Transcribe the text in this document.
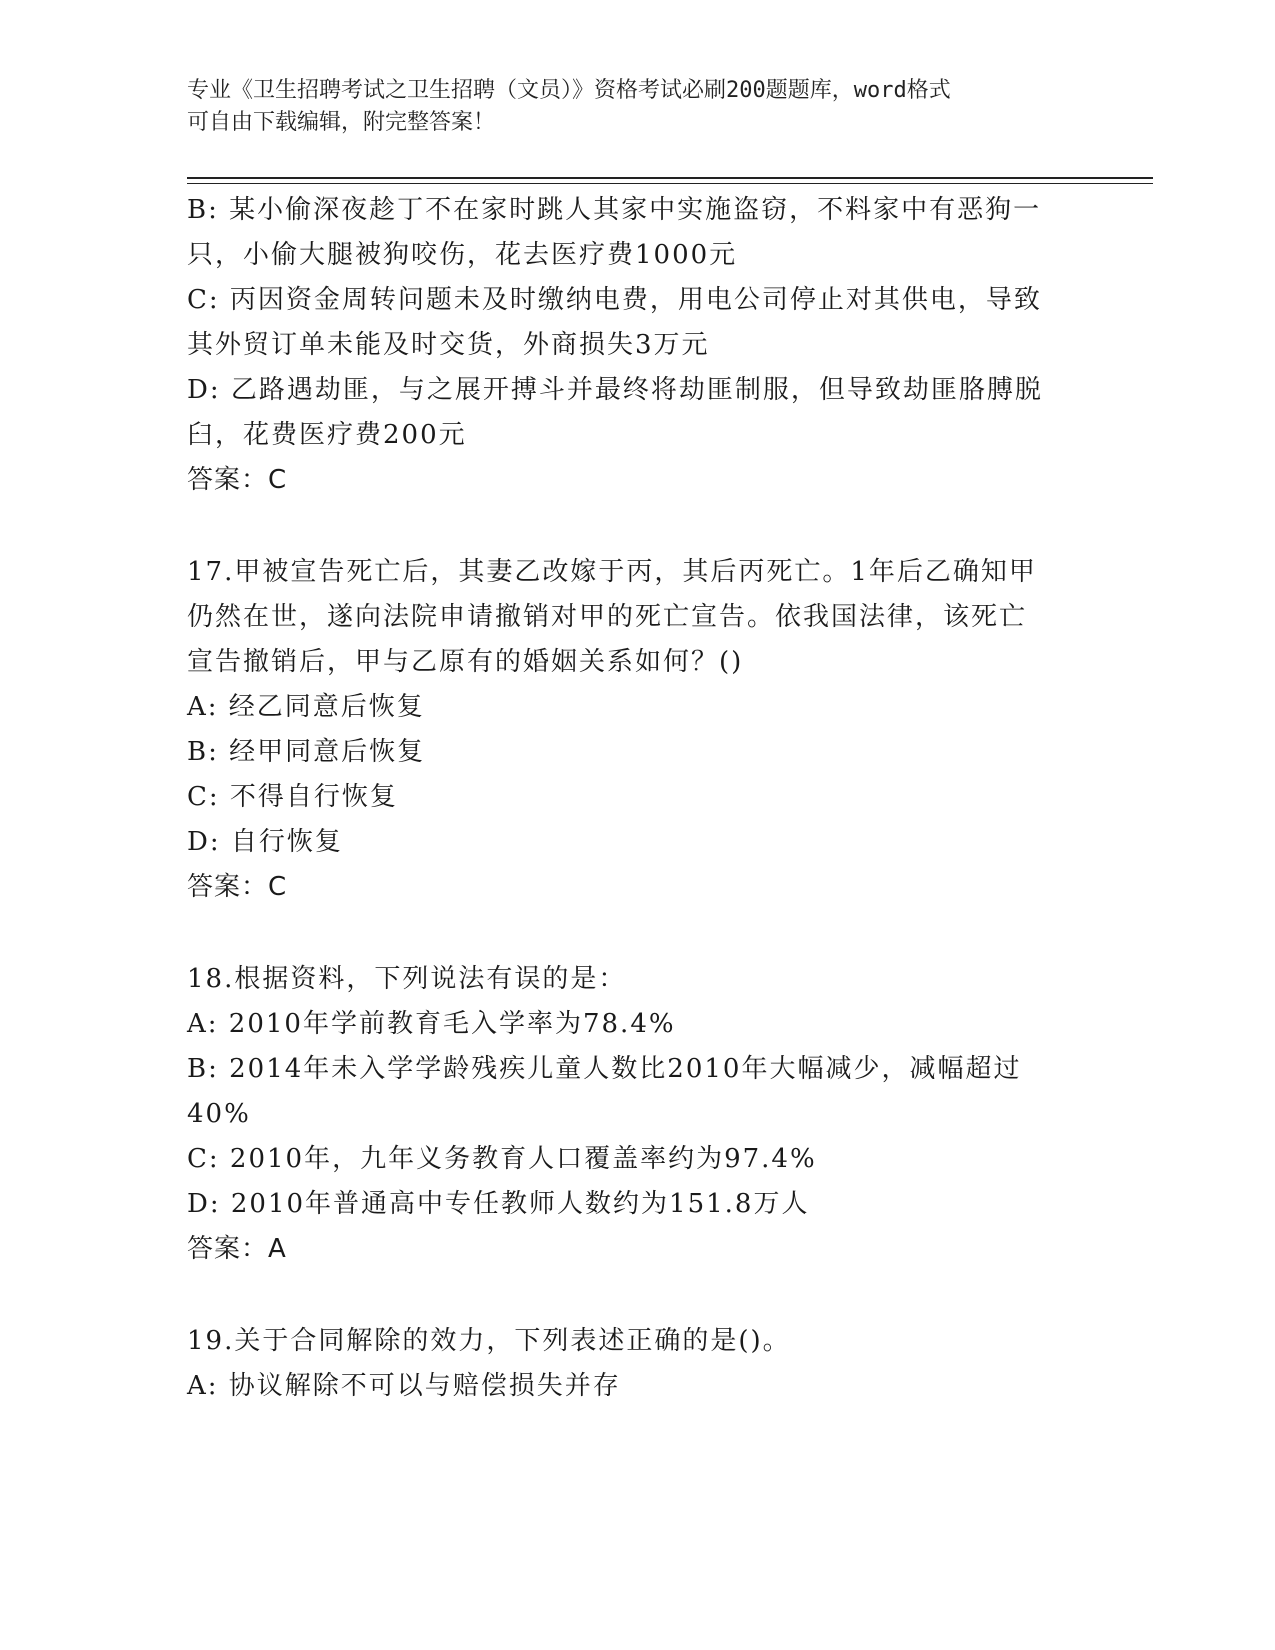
专业《卫生招聘考试之卫生招聘（文员）》资格考试必刷200题题库，word格式
可自由下载编辑，附完整答案！
B: 某小偷深夜趁丁不在家时跳人其家中实施盗窃，不料家中有恶狗一
只，小偷大腿被狗咬伤，花去医疗费1000元
C: 丙因资金周转问题未及时缴纳电费，用电公司停止对其供电，导致
其外贸订单未能及时交货，外商损失3万元
D: 乙路遇劫匪，与之展开搏斗并最终将劫匪制服，但导致劫匪胳膊脱
臼，花费医疗费200元
答案：C
17.甲被宣告死亡后，其妻乙改嫁于丙，其后丙死亡。1年后乙确知甲
仍然在世，遂向法院申请撤销对甲的死亡宣告。依我国法律，该死亡
宣告撤销后，甲与乙原有的婚姻关系如何？()
A: 经乙同意后恢复
B: 经甲同意后恢复
C: 不得自行恢复
D: 自行恢复
答案：C
18.根据资料，下列说法有误的是：
A: 2010年学前教育毛入学率为78.4%
B: 2014年未入学学龄残疾儿童人数比2010年大幅减少，减幅超过
40%
C: 2010年，九年义务教育人口覆盖率约为97.4%
D: 2010年普通高中专任教师人数约为151.8万人
答案：A
19.关于合同解除的效力，下列表述正确的是()。
A: 协议解除不可以与赔偿损失并存
